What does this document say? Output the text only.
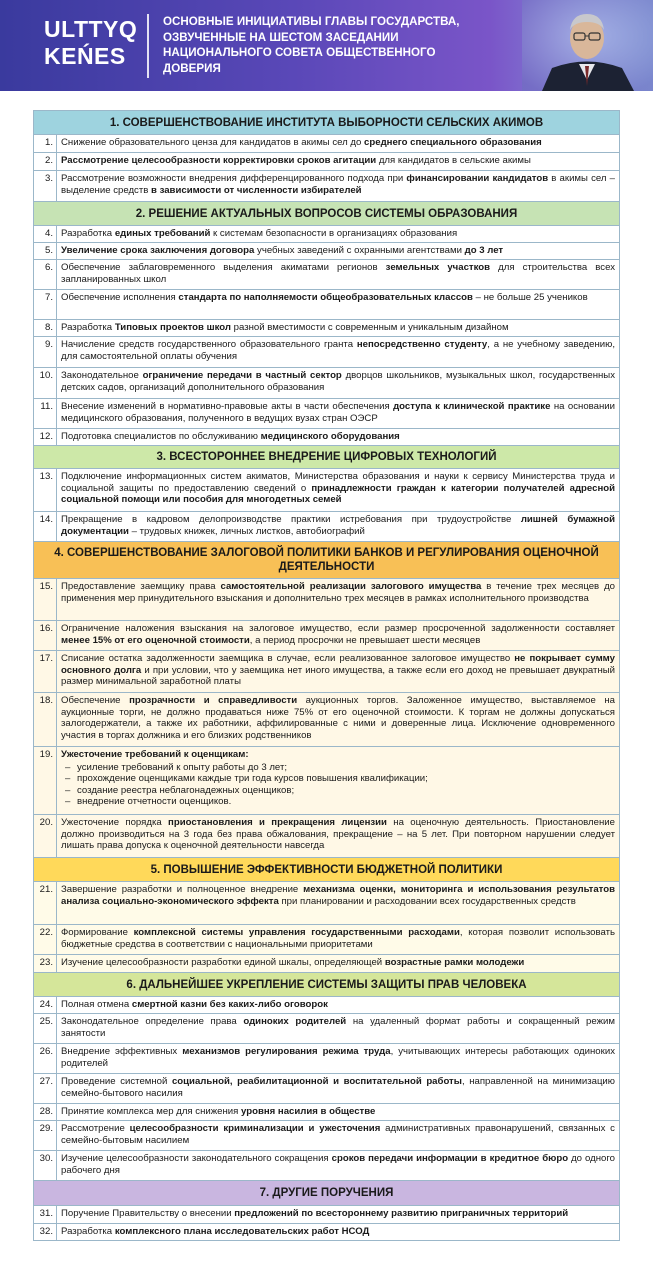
ULTTYQ
KEŃES
ОСНОВНЫЕ ИНИЦИАТИВЫ ГЛАВЫ ГОСУДАРСТВА, ОЗВУЧЕННЫЕ НА ШЕСТОМ ЗАСЕДАНИИ НАЦИОНАЛЬНОГО СОВЕТА ОБЩЕСТВЕННОГО ДОВЕРИЯ
1. СОВЕРШЕНСТВОВАНИЕ ИНСТИТУТА ВЫБОРНОСТИ СЕЛЬСКИХ АКИМОВ
1. Снижение образовательного ценза для кандидатов в акимы сел до среднего специального образования
2. Рассмотрение целесообразности корректировки сроков агитации для кандидатов в сельские акимы
3. Рассмотрение возможности внедрения дифференцированного подхода при финансировании кандидатов в акимы сел – выделение средств в зависимости от численности избирателей
2. РЕШЕНИЕ АКТУАЛЬНЫХ ВОПРОСОВ СИСТЕМЫ ОБРАЗОВАНИЯ
4. Разработка единых требований к системам безопасности в организациях образования
5. Увеличение срока заключения договора учебных заведений с охранными агентствами до 3 лет
6. Обеспечение заблаговременного выделения акиматами регионов земельных участков для строительства всех запланированных школ
7. Обеспечение исполнения стандарта по наполняемости общеобразовательных классов – не больше 25 учеников
8. Разработка Типовых проектов школ разной вместимости с современным и уникальным дизайном
9. Начисление средств государственного образовательного гранта непосредственно студенту, а не учебному заведению, для самостоятельной оплаты обучения
10. Законодательное ограничение передачи в частный сектор дворцов школьников, музыкальных школ, государственных детских садов, организаций дополнительного образования
11. Внесение изменений в нормативно-правовые акты в части обеспечения доступа к клинической практике на основании медицинского образования, полученного в ведущих вузах стран ОЭСР
12. Подготовка специалистов по обслуживанию медицинского оборудования
3. ВСЕСТОРОННЕЕ ВНЕДРЕНИЕ ЦИФРОВЫХ ТЕХНОЛОГИЙ
13. Подключение информационных систем акиматов, Министерства образования и науки к сервису Министерства труда и социальной защиты по предоставлению сведений о принадлежности граждан к категории получателей адресной социальной помощи или пособия для многодетных семей
14. Прекращение в кадровом делопроизводстве практики истребования при трудоустройстве лишней бумажной документации – трудовых книжек, личных листков, автобиографий
4. СОВЕРШЕНСТВОВАНИЕ ЗАЛОГОВОЙ ПОЛИТИКИ БАНКОВ И РЕГУЛИРОВАНИЯ ОЦЕНОЧНОЙ ДЕЯТЕЛЬНОСТИ
15. Предоставление заемщику права самостоятельной реализации залогового имущества в течение трех месяцев до применения мер принудительного взыскания и дополнительно трех месяцев в рамках исполнительного производства
16. Ограничение наложения взыскания на залоговое имущество, если размер просроченной задолженности составляет менее 15% от его оценочной стоимости, а период просрочки не превышает шести месяцев
17. Списание остатка задолженности заемщика в случае, если реализованное залоговое имущество не покрывает сумму основного долга и при условии, что у заемщика нет иного имущества, а также если его доход не превышает двукратный размер минимальной заработной платы
18. Обеспечение прозрачности и справедливости аукционных торгов. Заложенное имущество, выставляемое на аукционные торги, не должно продаваться ниже 75% от его оценочной стоимости. К торгам не должны допускаться залогодержатели, а также их работники, аффилированные с ними и доверенные лица. Исключение одновременного участия в торгах должника и его близких родственников
19. Ужесточение требований к оценщикам:
– усиление требований к опыту работы до 3 лет;
– прохождение оценщиками каждые три года курсов повышения квалификации;
– создание реестра неблагонадежных оценщиков;
– внедрение отчетности оценщиков.
20. Ужесточение порядка приостановления и прекращения лицензии на оценочную деятельность. Приостановление должно производиться на 3 года без права обжалования, прекращение – на 5 лет. При повторном нарушении следует лишать права допуска к оценочной деятельности навсегда
5. ПОВЫШЕНИЕ ЭФФЕКТИВНОСТИ БЮДЖЕТНОЙ ПОЛИТИКИ
21. Завершение разработки и полноценное внедрение механизма оценки, мониторинга и использования результатов анализа социально-экономического эффекта при планировании и расходовании всех государственных средств
22. Формирование комплексной системы управления государственными расходами, которая позволит использовать бюджетные средства в соответствии с национальными приоритетами
23. Изучение целесообразности разработки единой шкалы, определяющей возрастные рамки молодежи
6. ДАЛЬНЕЙШЕЕ УКРЕПЛЕНИЕ СИСТЕМЫ ЗАЩИТЫ ПРАВ ЧЕЛОВЕКА
24. Полная отмена смертной казни без каких-либо оговорок
25. Законодательное определение права одиноких родителей на удаленный формат работы и сокращенный режим занятости
26. Внедрение эффективных механизмов регулирования режима труда, учитывающих интересы работающих одиноких родителей
27. Проведение системной социальной, реабилитационной и воспитательной работы, направленной на минимизацию семейно-бытового насилия
28. Принятие комплекса мер для снижения уровня насилия в обществе
29. Рассмотрение целесообразности криминализации и ужесточения административных правонарушений, связанных с семейно-бытовым насилием
30. Изучение целесообразности законодательного сокращения сроков передачи информации в кредитное бюро до одного рабочего дня
7. ДРУГИЕ ПОРУЧЕНИЯ
31. Поручение Правительству о внесении предложений по всестороннему развитию приграничных территорий
32. Разработка комплексного плана исследовательских работ НСОД
